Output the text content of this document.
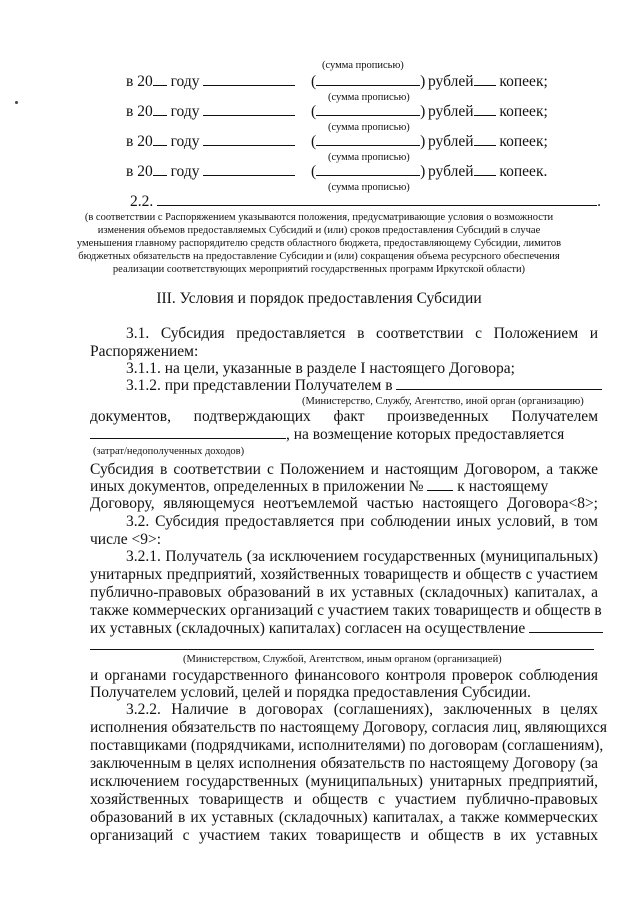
(сумма прописью)
в 20 году	(	) рублей копеек;
(сумма прописью)
в 20 году	(	) рублей копеек;
(сумма прописью)
в 20 году	(	) рублей копеек;
(сумма прописью)
в 20 году	(	) рублей копеек.
(сумма прописью)
2.2.	.
(в соответствии с Распоряжением указываются положения, предусматривающие условия о возможности
изменения объемов предоставляемых Субсидий и (или) сроков предоставления Субсидий в случае
уменьшения главному распорядителю средств областного бюджета, предоставляющему Субсидии, лимитов
бюджетных обязательств на предоставление Субсидии и (или) сокращения объема ресурсного обеспечения
реализации соответствующих мероприятий государственных программ Иркутской области)
III. Условия и порядок предоставления Субсидии
3.1. Субсидия предоставляется в соответствии с Положением и
Распоряжением:
3.1.1. на цели, указанные в разделе I настоящего Договора;
3.1.2. при представлении Получателем в
(Министерство, Службу, Агентство, иной орган (организацию)
документов, подтверждающих факт произведенных Получателем
, на возмещение которых предоставляется
(затрат/недополученных доходов)
Субсидия в соответствии с Положением и настоящим Договором, а также
иных документов, определенных в приложении № к настоящему
Договору, являющемуся неотъемлемой частью настоящего Договора<8>;
3.2. Субсидия предоставляется при соблюдении иных условий, в том
числе <9>:
3.2.1. Получатель (за исключением государственных (муниципальных)
унитарных предприятий, хозяйственных товариществ и обществ с участием
публично-правовых образований в их уставных (складочных) капиталах, а
также коммерческих организаций с участием таких товариществ и обществ в
их уставных (складочных) капиталах) согласен на осуществление
(Министерством, Службой, Агентством, иным органом (организацией)
и органами государственного финансового контроля проверок соблюдения
Получателем условий, целей и порядка предоставления Субсидии.
3.2.2. Наличие в договорах (соглашениях), заключенных в целях
исполнения обязательств по настоящему Договору, согласия лиц, являющихся
поставщиками (подрядчиками, исполнителями) по договорам (соглашениям),
заключенным в целях исполнения обязательств по настоящему Договору (за
исключением государственных (муниципальных) унитарных предприятий,
хозяйственных товариществ и обществ с участием публично-правовых
образований в их уставных (складочных) капиталах, а также коммерческих
организаций с участием таких товариществ и обществ в их уставных
